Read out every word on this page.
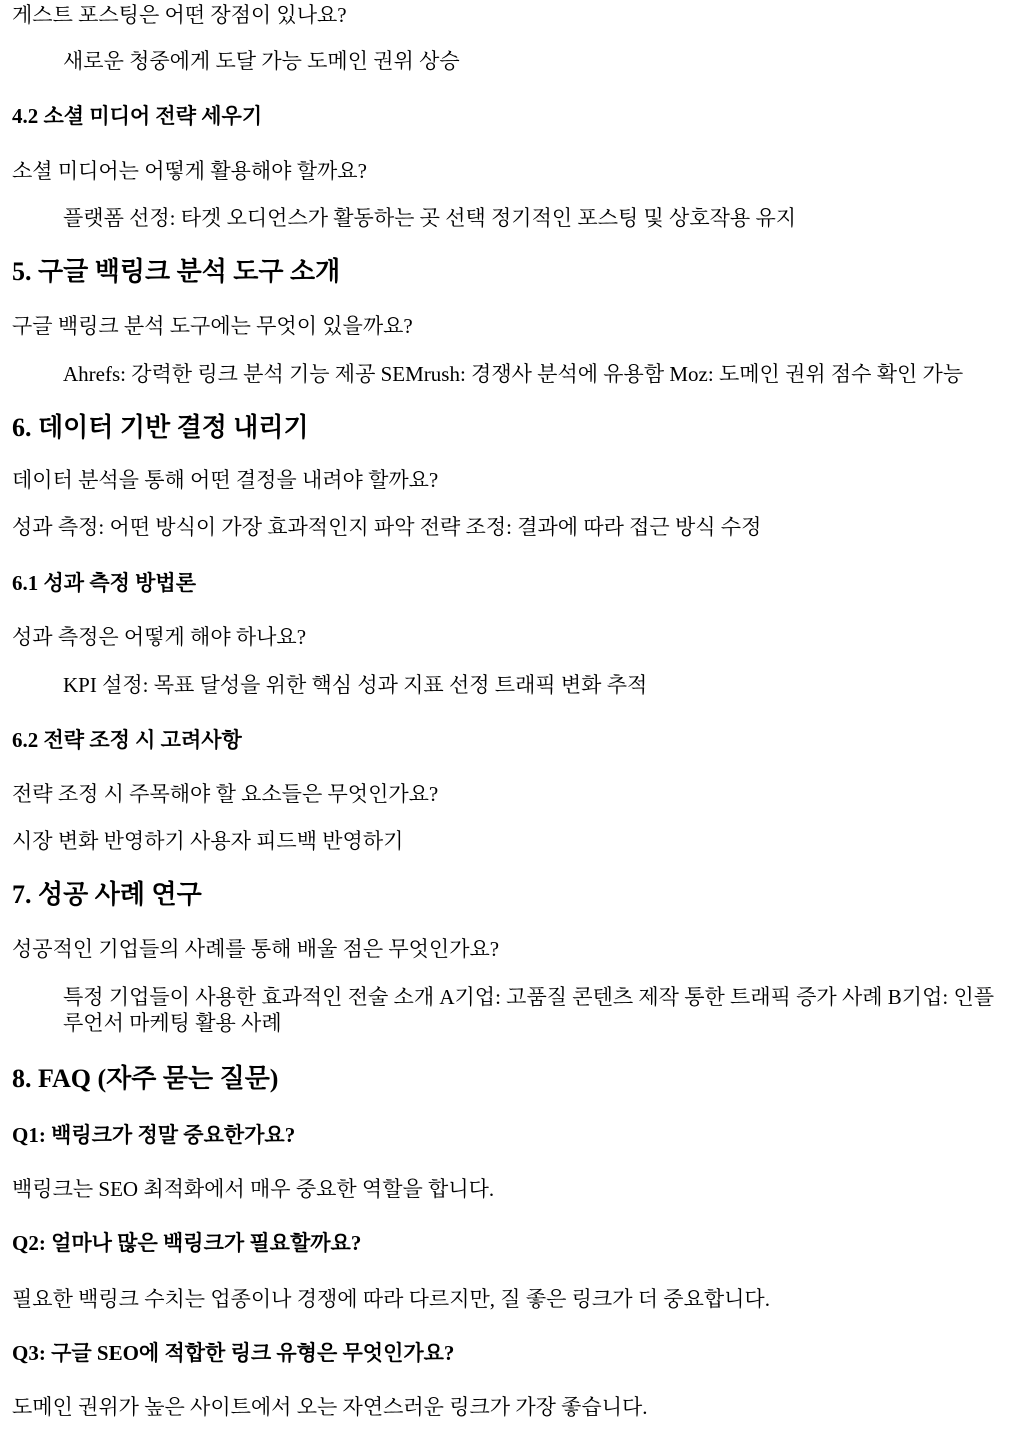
게스트 포스팅은 어떤 장점이 있나요?

새로운 청중에게 도달 가능 도메인 권위 상승

4.2 소셜 미디어 전략 세우기

소셜 미디어는 어떻게 활용해야 할까요?

플랫폼 선정: 타겟 오디언스가 활동하는 곳 선택 정기적인 포스팅 및 상호작용 유지

5. 구글 백링크 분석 도구 소개

구글 백링크 분석 도구에는 무엇이 있을까요?

Ahrefs: 강력한 링크 분석 기능 제공 SEMrush: 경쟁사 분석에 유용함 Moz: 도메인 권위 점수 확인 가능

6. 데이터 기반 결정 내리기

데이터 분석을 통해 어떤 결정을 내려야 할까요?

성과 측정: 어떤 방식이 가장 효과적인지 파악 전략 조정: 결과에 따라 접근 방식 수정

6.1 성과 측정 방법론

성과 측정은 어떻게 해야 하나요?

KPI 설정: 목표 달성을 위한 핵심 성과 지표 선정 트래픽 변화 추적

6.2 전략 조정 시 고려사항

전략 조정 시 주목해야 할 요소들은 무엇인가요?

시장 변화 반영하기 사용자 피드백 반영하기

7. 성공 사례 연구

성공적인 기업들의 사례를 통해 배울 점은 무엇인가요?

특정 기업들이 사용한 효과적인 전술 소개 A기업: 고품질 콘텐츠 제작 통한 트래픽 증가 사례 B기업: 인플루언서 마케팅 활용 사례

8. FAQ (자주 묻는 질문)
Q1: 백링크가 정말 중요한가요?

백링크는 SEO 최적화에서 매우 중요한 역할을 합니다.

Q2: 얼마나 많은 백링크가 필요할까요?

필요한 백링크 수치는 업종이나 경쟁에 따라 다르지만, 질 좋은 링크가 더 중요합니다.

Q3: 구글 SEO에 적합한 링크 유형은 무엇인가요?

도메인 권위가 높은 사이트에서 오는 자연스러운 링크가 가장 좋습니다.
